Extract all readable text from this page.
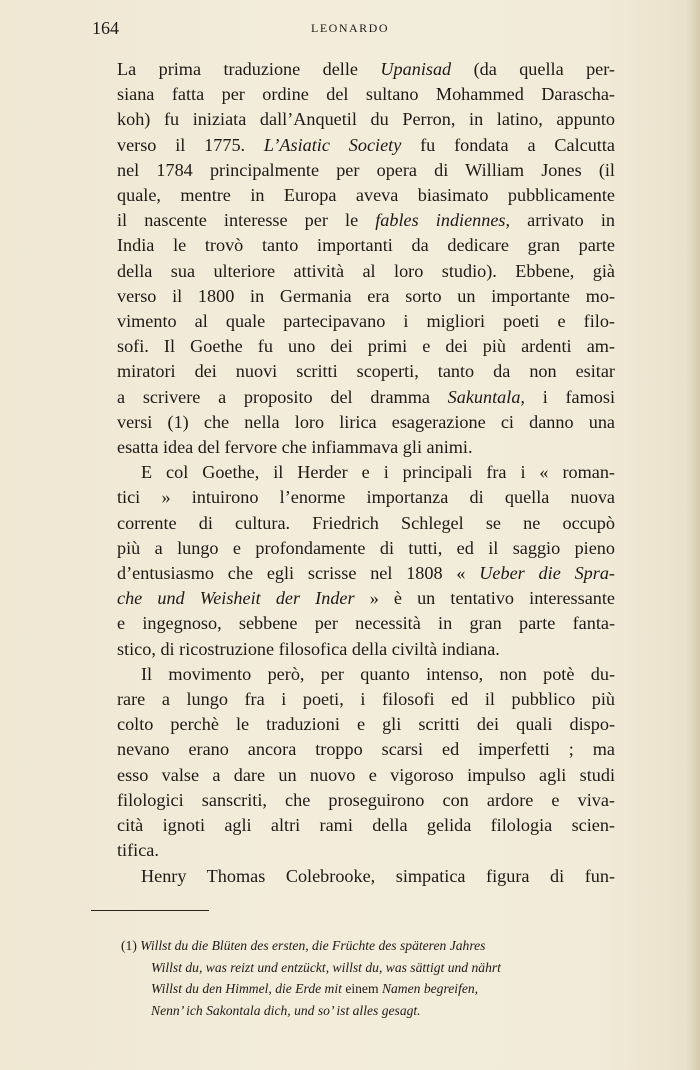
164	LEONARDO
La prima traduzione delle Upanisad (da quella per-
siana fatta per ordine del sultano Mohammed Darascha-
koh) fu iniziata dall’Anquetil du Perron, in latino, appunto
verso il 1775. L’Asiatic Society fu fondata a Calcutta
nel 1784 principalmente per opera di William Jones (il
quale, mentre in Europa aveva biasimato pubblicamente
il nascente interesse per le fables indiennes, arrivato in
India le trovò tanto importanti da dedicare gran parte
della sua ulteriore attività al loro studio). Ebbene, già
verso il 1800 in Germania era sorto un importante mo-
vimento al quale partecipavano i migliori poeti e filo-
sofi. Il Goethe fu uno dei primi e dei più ardenti am-
miratori dei nuovi scritti scoperti, tanto da non esitar
a scrivere a proposito del dramma Sakuntala, i famosi
versi (1) che nella loro lirica esagerazione ci danno una
esatta idea del fervore che infiammava gli animi.
E col Goethe, il Herder e i principali fra i « roman-
tici » intuirono l’enorme importanza di quella nuova
corrente di cultura. Friedrich Schlegel se ne occupò
più a lungo e profondamente di tutti, ed il saggio pieno
d’entusiasmo che egli scrisse nel 1808 « Ueber die Spra-
che und Weisheit der Inder » è un tentativo interessante
e ingegnoso, sebbene per necessità in gran parte fanta-
stico, di ricostruzione filosofica della civiltà indiana.
Il movimento però, per quanto intenso, non potè du-
rare a lungo fra i poeti, i filosofi ed il pubblico più
colto perchè le traduzioni e gli scritti dei quali dispo-
nevano erano ancora troppo scarsi ed imperfetti ; ma
esso valse a dare un nuovo e vigoroso impulso agli studi
filologici sanscriti, che proseguirono con ardore e viva-
cità ignoti agli altri rami della gelida filologia scien-
tifica.
Henry Thomas Colebrooke, simpatica figura di fun-
(1) Willst du die Blüten des ersten, die Früchte des späteren Jahres
Willst du, was reizt und entzückt, willst du, was sättigt und nährt
Willst du den Himmel, die Erde mit einem Namen begreifen,
Nenn’ ich Sakontala dich, und so’ ist alles gesagt.
